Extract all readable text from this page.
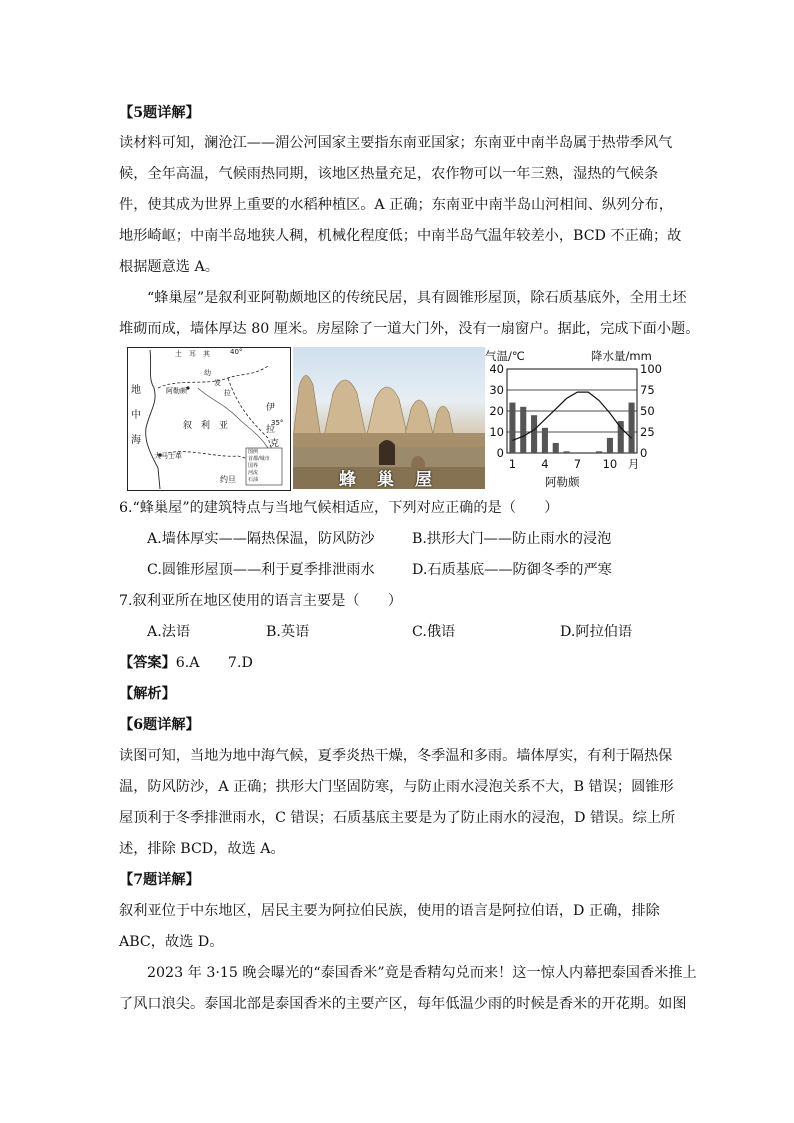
【5题详解】
读材料可知，澜沧江——湄公河国家主要指东南亚国家；东南亚中南半岛属于热带季风气
候，全年高温，气候雨热同期，该地区热量充足，农作物可以一年三熟，湿热的气候条
件，使其成为世界上重要的水稻种植区。A 正确；东南亚中南半岛山河相间、纵列分布，
地形崎岖；中南半岛地狭人稠，机械化程度低；中南半岛气温年较差小，BCD 不正确；故
根据题意选 A。
“蜂巢屋”是叙利亚阿勒颇地区的传统民居，具有圆锥形屋顶，除石质基底外，全用土坯
堆砌而成，墙体厚达 80 厘米。房屋除了一道大门外，没有一扇窗户。据此，完成下面小题。
土　耳　其	40°
阿勒颇
叙　利　亚
大马士革
伊
拉
克
约旦
地
中
海
35°
幼
发
拉
图例
首都/城市
国界
河流
石油	蜂　巢　屋
气温/℃	降水量/mm
40	100
30	75
20	50
10	25
0	0
1 4 7 10 月
阿勒颇
6.“蜂巢屋”的建筑特点与当地气候相适应，下列对应正确的是（　　）
A.墙体厚实——隔热保温，防风防沙	B.拱形大门——防止雨水的浸泡
C.圆锥形屋顶——利于夏季排泄雨水	D.石质基底——防御冬季的严寒
7.叙利亚所在地区使用的语言主要是（　　）
A.法语	B.英语	C.俄语	D.阿拉伯语
【答案】6.A　　7.D
【解析】
【6题详解】
读图可知，当地为地中海气候，夏季炎热干燥，冬季温和多雨。墙体厚实，有利于隔热保
温，防风防沙，A 正确；拱形大门坚固防寒，与防止雨水浸泡关系不大，B 错误；圆锥形
屋顶利于冬季排泄雨水，C 错误；石质基底主要是为了防止雨水的浸泡，D 错误。综上所
述，排除 BCD，故选 A。
【7题详解】
叙利亚位于中东地区，居民主要为阿拉伯民族，使用的语言是阿拉伯语，D 正确，排除
ABC，故选 D。
2023 年 3·15 晚会曝光的“泰国香米”竟是香精勾兑而来！这一惊人内幕把泰国香米推上
了风口浪尖。泰国北部是泰国香米的主要产区，每年低温少雨的时候是香米的开花期。如图
